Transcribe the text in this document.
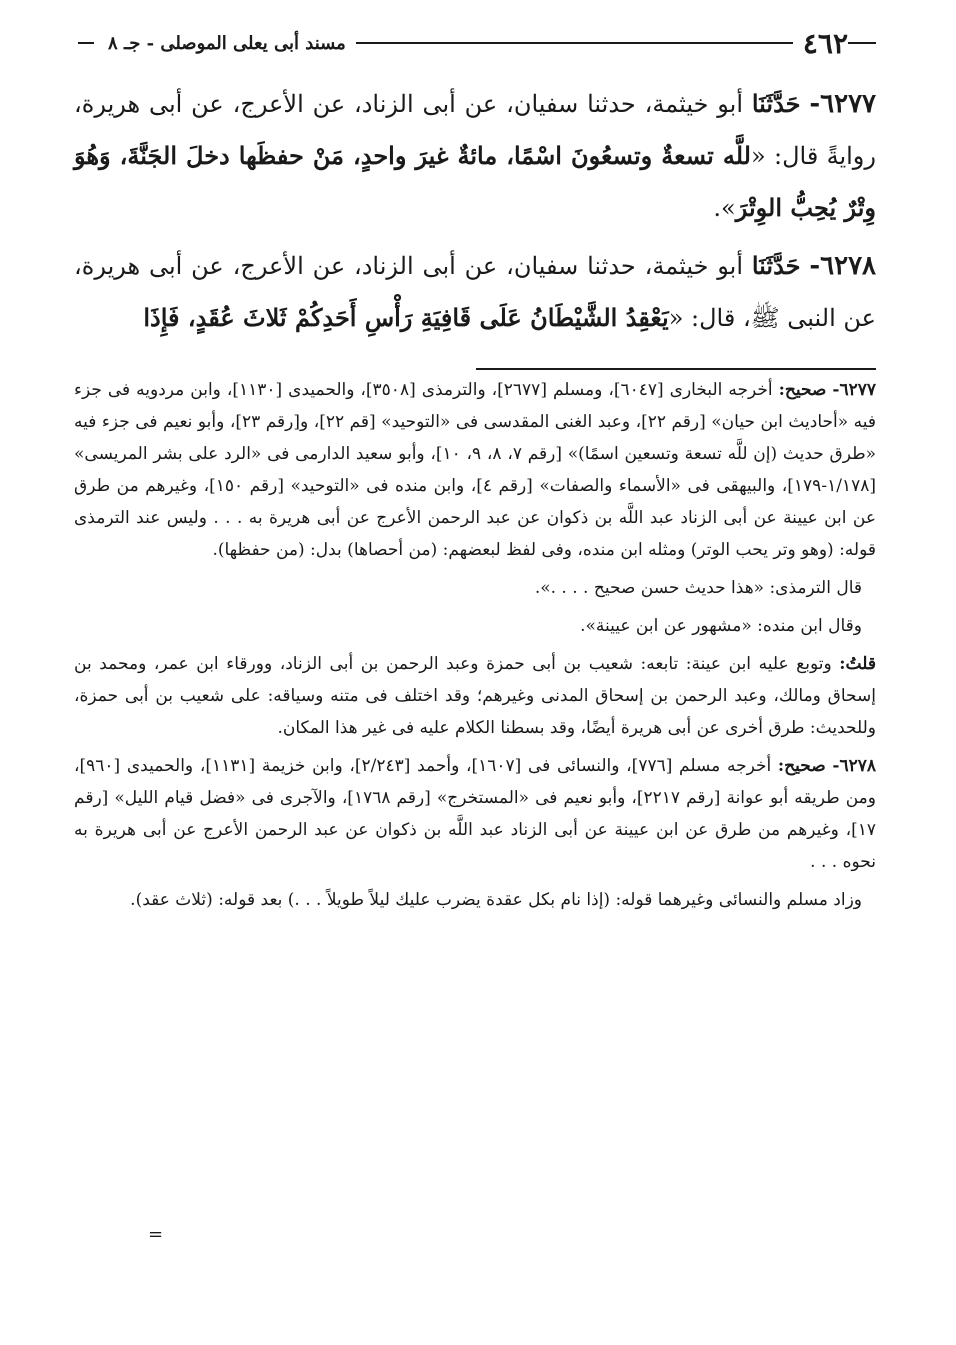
٤٦٢
مسند أبى يعلى الموصلى - جـ ٨

٦٢٧٧- حَدَّثَنَا أبو خيثمة، حدثنا سفيان، عن أبى الزناد، عن الأعرج، عن أبى هريرة، روايةً قال: «للَّه تسعةٌ وتسعُونَ اسْمًا، مائةٌ غيرَ واحدٍ، مَنْ حفظَها دخلَ الجَنَّةَ، وَهُوَ وِتْرٌ يُحِبُّ الوِتْرَ».

٦٢٧٨- حَدَّثَنَا أبو خيثمة، حدثنا سفيان، عن أبى الزناد، عن الأعرج، عن أبى هريرة، عن النبى ﷺ، قال: «يَعْقِدُ الشَّيْطَانُ عَلَى قَافِيَةِ رَأْسِ أَحَدِكُمْ ثَلاثَ عُقَدٍ، فَإِذَا

٦٢٧٧- صحيح: أخرجه البخارى [٦٠٤٧]، ومسلم [٢٦٧٧]، والترمذى [٣٥٠٨]، والحميدى [١١٣٠]، وابن مردويه فى جزء فيه «أحاديث ابن حيان» [رقم ٢٢]، وعبد الغنى المقدسى فى «التوحيد» [قم ٢٢]، و[رقم ٢٣]، وأبو نعيم فى جزء فيه «طرق حديث (إن للَّه تسعة وتسعين اسمًا)» [رقم ٧، ٨، ٩، ١٠]، وأبو سعيد الدارمى فى «الرد على بشر المريسى» [١/١٧٨-١٧٩]، والبيهقى فى «الأسماء والصفات» [رقم ٤]، وابن منده فى «التوحيد» [رقم ١٥٠]، وغيرهم من طرق عن ابن عيينة عن أبى الزناد عبد اللَّه بن ذكوان عن عبد الرحمن الأعرج عن أبى هريرة به . . . وليس عند الترمذى قوله: (وهو وتر يحب الوتر) ومثله ابن منده، وفى لفظ لبعضهم: (من أحصاها) بدل: (من حفظها).

قال الترمذى: «هذا حديث حسن صحيح . . . .».

وقال ابن منده: «مشهور عن ابن عيينة».

قلتُ: وتوبع عليه ابن عينة: تابعه: شعيب بن أبى حمزة وعبد الرحمن بن أبى الزناد، وورقاء ابن عمر، ومحمد بن إسحاق ومالك، وعبد الرحمن بن إسحاق المدنى وغيرهم؛ وقد اختلف فى متنه وسياقه: على شعيب بن أبى حمزة، وللحديث: طرق أخرى عن أبى هريرة أيضًا، وقد بسطنا الكلام عليه فى غير هذا المكان.

٦٢٧٨- صحيح: أخرجه مسلم [٧٧٦]، والنسائى فى [١٦٠٧]، وأحمد [٢/٢٤٣]، وابن خزيمة [١١٣١]، والحميدى [٩٦٠]، ومن طريقه أبو عوانة [رقم ٢٢١٧]، وأبو نعيم فى «المستخرج» [رقم ١٧٦٨]، والآجرى فى «فضل قيام الليل» [رقم ١٧]، وغيرهم من طرق عن ابن عيينة عن أبى الزناد عبد اللَّه بن ذكوان عن عبد الرحمن الأعرج عن أبى هريرة به نحوه . . .

وزاد مسلم والنسائى وغيرهما قوله: (إذا نام بكل عقدة يضرب عليك ليلاً طويلاً . . .) بعد قوله: (ثلاث عقد).

=
